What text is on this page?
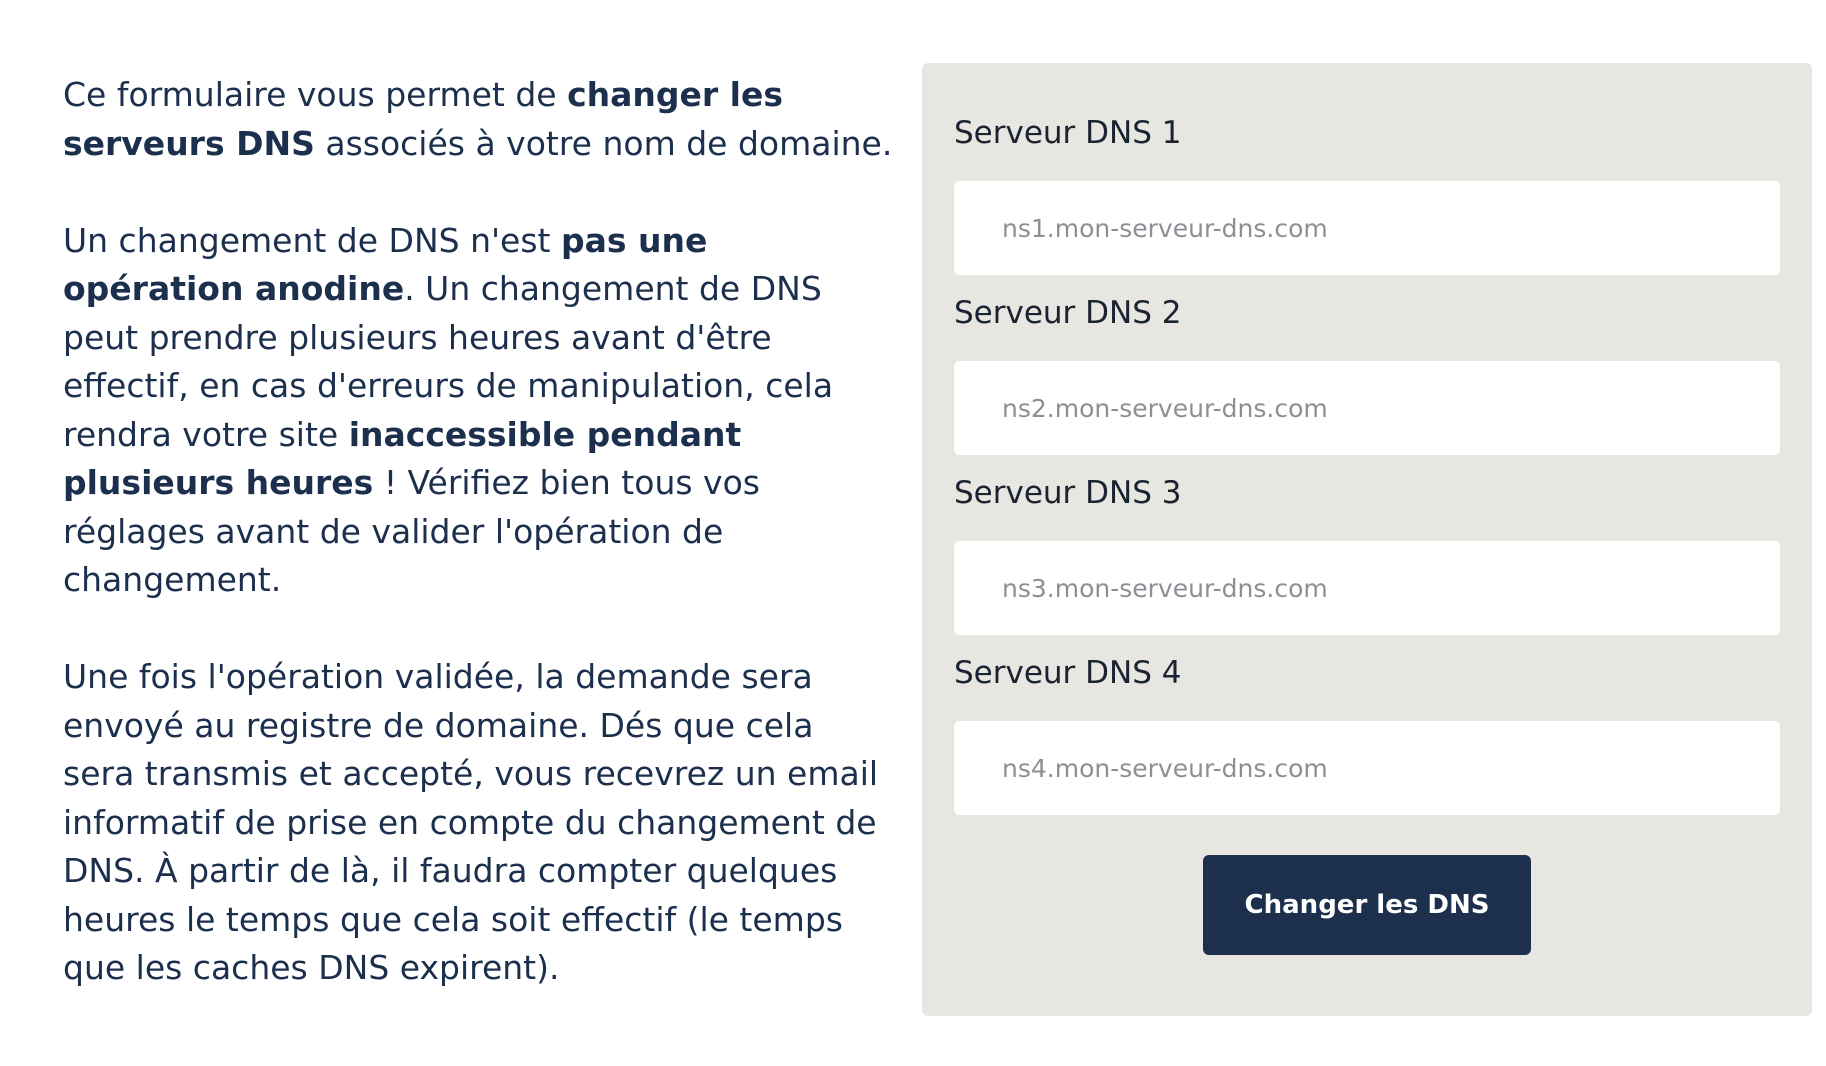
Ce formulaire vous permet de changer les serveurs DNS associés à votre nom de domaine.

Un changement de DNS n'est pas une opération anodine. Un changement de DNS peut prendre plusieurs heures avant d'être effectif, en cas d'erreurs de manipulation, cela rendra votre site inaccessible pendant plusieurs heures ! Vérifiez bien tous vos réglages avant de valider l'opération de changement.

Une fois l'opération validée, la demande sera envoyé au registre de domaine. Dés que cela sera transmis et accepté, vous recevrez un email informatif de prise en compte du changement de DNS. À partir de là, il faudra compter quelques heures le temps que cela soit effectif (le temps que les caches DNS expirent).

Serveur DNS 1
ns1.mon-serveur-dns.com
Serveur DNS 2
ns2.mon-serveur-dns.com
Serveur DNS 3
ns3.mon-serveur-dns.com
Serveur DNS 4
ns4.mon-serveur-dns.com
Changer les DNS
